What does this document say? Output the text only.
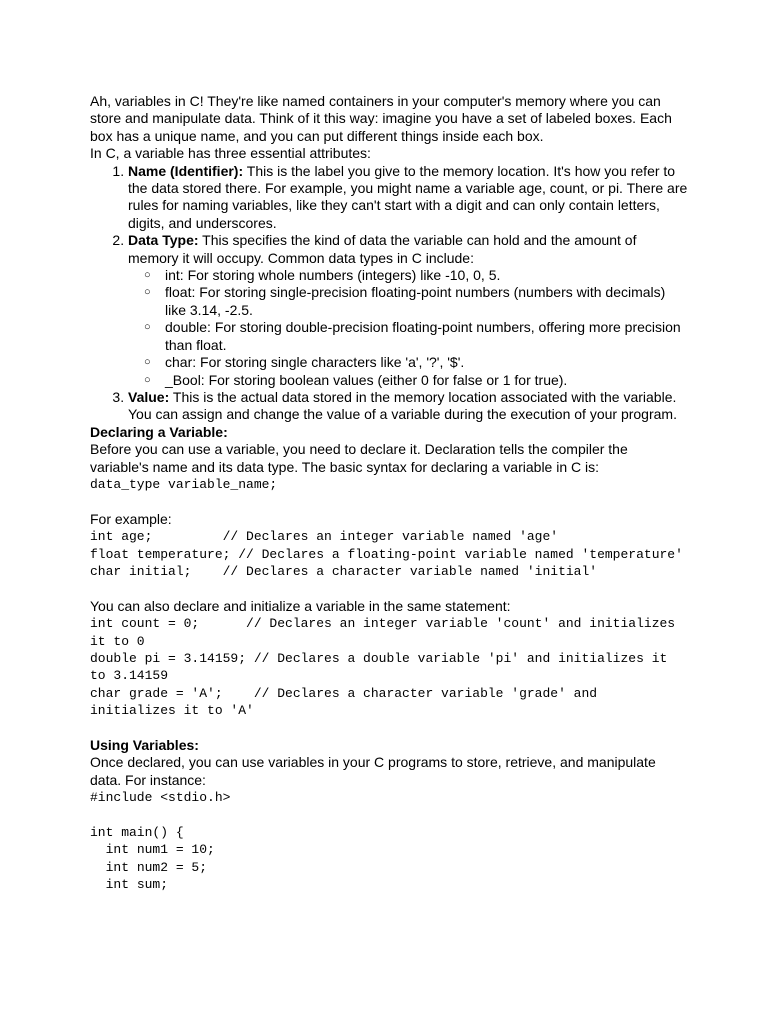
Ah, variables in C! They're like named containers in your computer's memory where you can store and manipulate data. Think of it this way: imagine you have a set of labeled boxes. Each box has a unique name, and you can put different things inside each box.

In C, a variable has three essential attributes:

1. Name (Identifier): This is the label you give to the memory location. It's how you refer to the data stored there. For example, you might name a variable age, count, or pi. There are rules for naming variables, like they can't start with a digit and can only contain letters, digits, and underscores.
2. Data Type: This specifies the kind of data the variable can hold and the amount of memory it will occupy. Common data types in C include:
○ int: For storing whole numbers (integers) like -10, 0, 5.
○ float: For storing single-precision floating-point numbers (numbers with decimals) like 3.14, -2.5.
○ double: For storing double-precision floating-point numbers, offering more precision than float.
○ char: For storing single characters like 'a', '?', '$'.
○ _Bool: For storing boolean values (either 0 for false or 1 for true).
3. Value: This is the actual data stored in the memory location associated with the variable. You can assign and change the value of a variable during the execution of your program.

Declaring a Variable:

Before you can use a variable, you need to declare it. Declaration tells the compiler the variable's name and its data type. The basic syntax for declaring a variable in C is:

data_type variable_name;

For example:

int age;         // Declares an integer variable named 'age'
float temperature; // Declares a floating-point variable named 'temperature'
char initial;    // Declares a character variable named 'initial'

You can also declare and initialize a variable in the same statement:

int count = 0;      // Declares an integer variable 'count' and initializes it to 0
double pi = 3.14159; // Declares a double variable 'pi' and initializes it to 3.14159
char grade = 'A';    // Declares a character variable 'grade' and initializes it to 'A'

Using Variables:

Once declared, you can use variables in your C programs to store, retrieve, and manipulate data. For instance:

#include <stdio.h>
int main() {
int num1 = 10;
int num2 = 5;
int sum;
